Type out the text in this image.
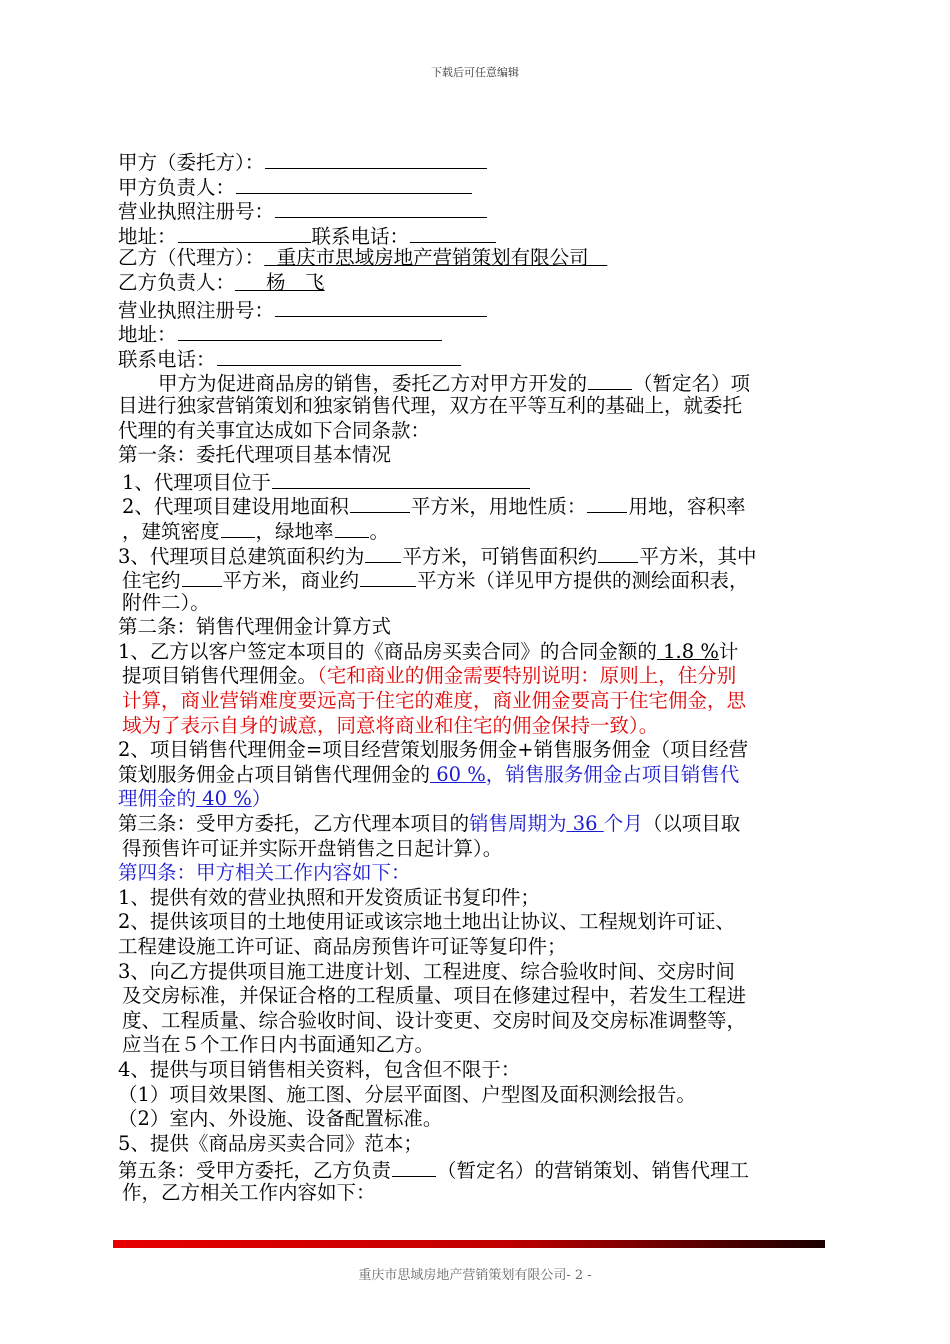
下载后可任意编辑
甲方（委托方）：
甲方负责人：
营业执照注册号：
地址：	联系电话：
乙方（代理方）： 重庆市思域房地产营销策划有限公司
乙方负责人： 杨　飞
营业执照注册号：
地址：
联系电话：
甲方为促进商品房的销售，委托乙方对甲方开发的 （暂定名）项
目进行独家营销策划和独家销售代理，双方在平等互利的基础上，就委托
代理的有关事宜达成如下合同条款：
第一条：委托代理项目基本情况
1、代理项目位于
2、代理项目建设用地面积	平方米，用地性质： 用地，容积率
，建筑密度 ，绿地率 。
3、代理项目总建筑面积约为 平方米，可销售面积约 平方米，其中
住宅约 平方米，商业约	平方米（详见甲方提供的测绘面积表，
附件二）。
第二条：销售代理佣金计算方式
1、乙方以客户签定本项目的《商品房买卖合同》的合同金额的 1.8 %计
提项目销售代理佣金。（宅和商业的佣金需要特别说明：原则上，住分别
计算，商业营销难度要远高于住宅的难度，商业佣金要高于住宅佣金，思
域为了表示自身的诚意，同意将商业和住宅的佣金保持一致）。
2、项目销售代理佣金=项目经营策划服务佣金+销售服务佣金（项目经营
策划服务佣金占项目销售代理佣金的 60 %，销售服务佣金占项目销售代
理佣金的 40 %）
第三条：受甲方委托，乙方代理本项目的销售周期为 36 个月（以项目取
得预售许可证并实际开盘销售之日起计算）。
第四条：甲方相关工作内容如下：
1、提供有效的营业执照和开发资质证书复印件；
2、提供该项目的土地使用证或该宗地土地出让协议、工程规划许可证、
工程建设施工许可证、商品房预售许可证等复印件；
3、向乙方提供项目施工进度计划、工程进度、综合验收时间、交房时间
及交房标准，并保证合格的工程质量、项目在修建过程中，若发生工程进
度、工程质量、综合验收时间、设计变更、交房时间及交房标准调整等，
应当在５个工作日内书面通知乙方。
4、提供与项目销售相关资料，包含但不限于：
（1）项目效果图、施工图、分层平面图、户型图及面积测绘报告。
（2）室内、外设施、设备配置标准。
5、提供《商品房买卖合同》范本；
第五条：受甲方委托，乙方负责 （暂定名）的营销策划、销售代理工
作，乙方相关工作内容如下：
重庆市思域房地产营销策划有限公司- 2 -
